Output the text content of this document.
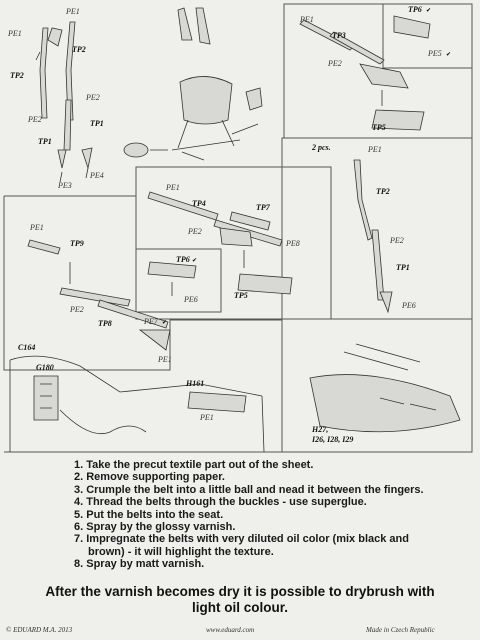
PE1
PE1
TP2
TP2
PE2
PE2	TP1
TP1
PE4
PE3
PE1
TP3
PE2
TP6 ✔
PE5 ✔
TP5
2 pcs.	PE1
TP2
PE2
TP1
PE6
PE1
TP4	TP7
PE2
PE8
TP6 ✔
PE6	TP5
PE1
TP9
PE2
TP8	PE7 ✔
PE1
C164
G180
H161
PE1
H27,
I26, I28, I29
1. Take the precut textile part out of the sheet.
2. Remove supporting paper.
3. Crumple the belt into a little ball and nead it between the fingers.
4. Thread the belts through the buckles - use superglue.
5. Put the belts into the seat.
6. Spray by the glossy varnish.
7. Impregnate the belts with very diluted oil color (mix black and brown) - it will highlight the texture.
8. Spray by matt varnish.

After the varnish becomes dry it is possible to drybrush with light oil colour.

© EDUARD M.A. 2013	www.eduard.com	Made in Czech Republic
